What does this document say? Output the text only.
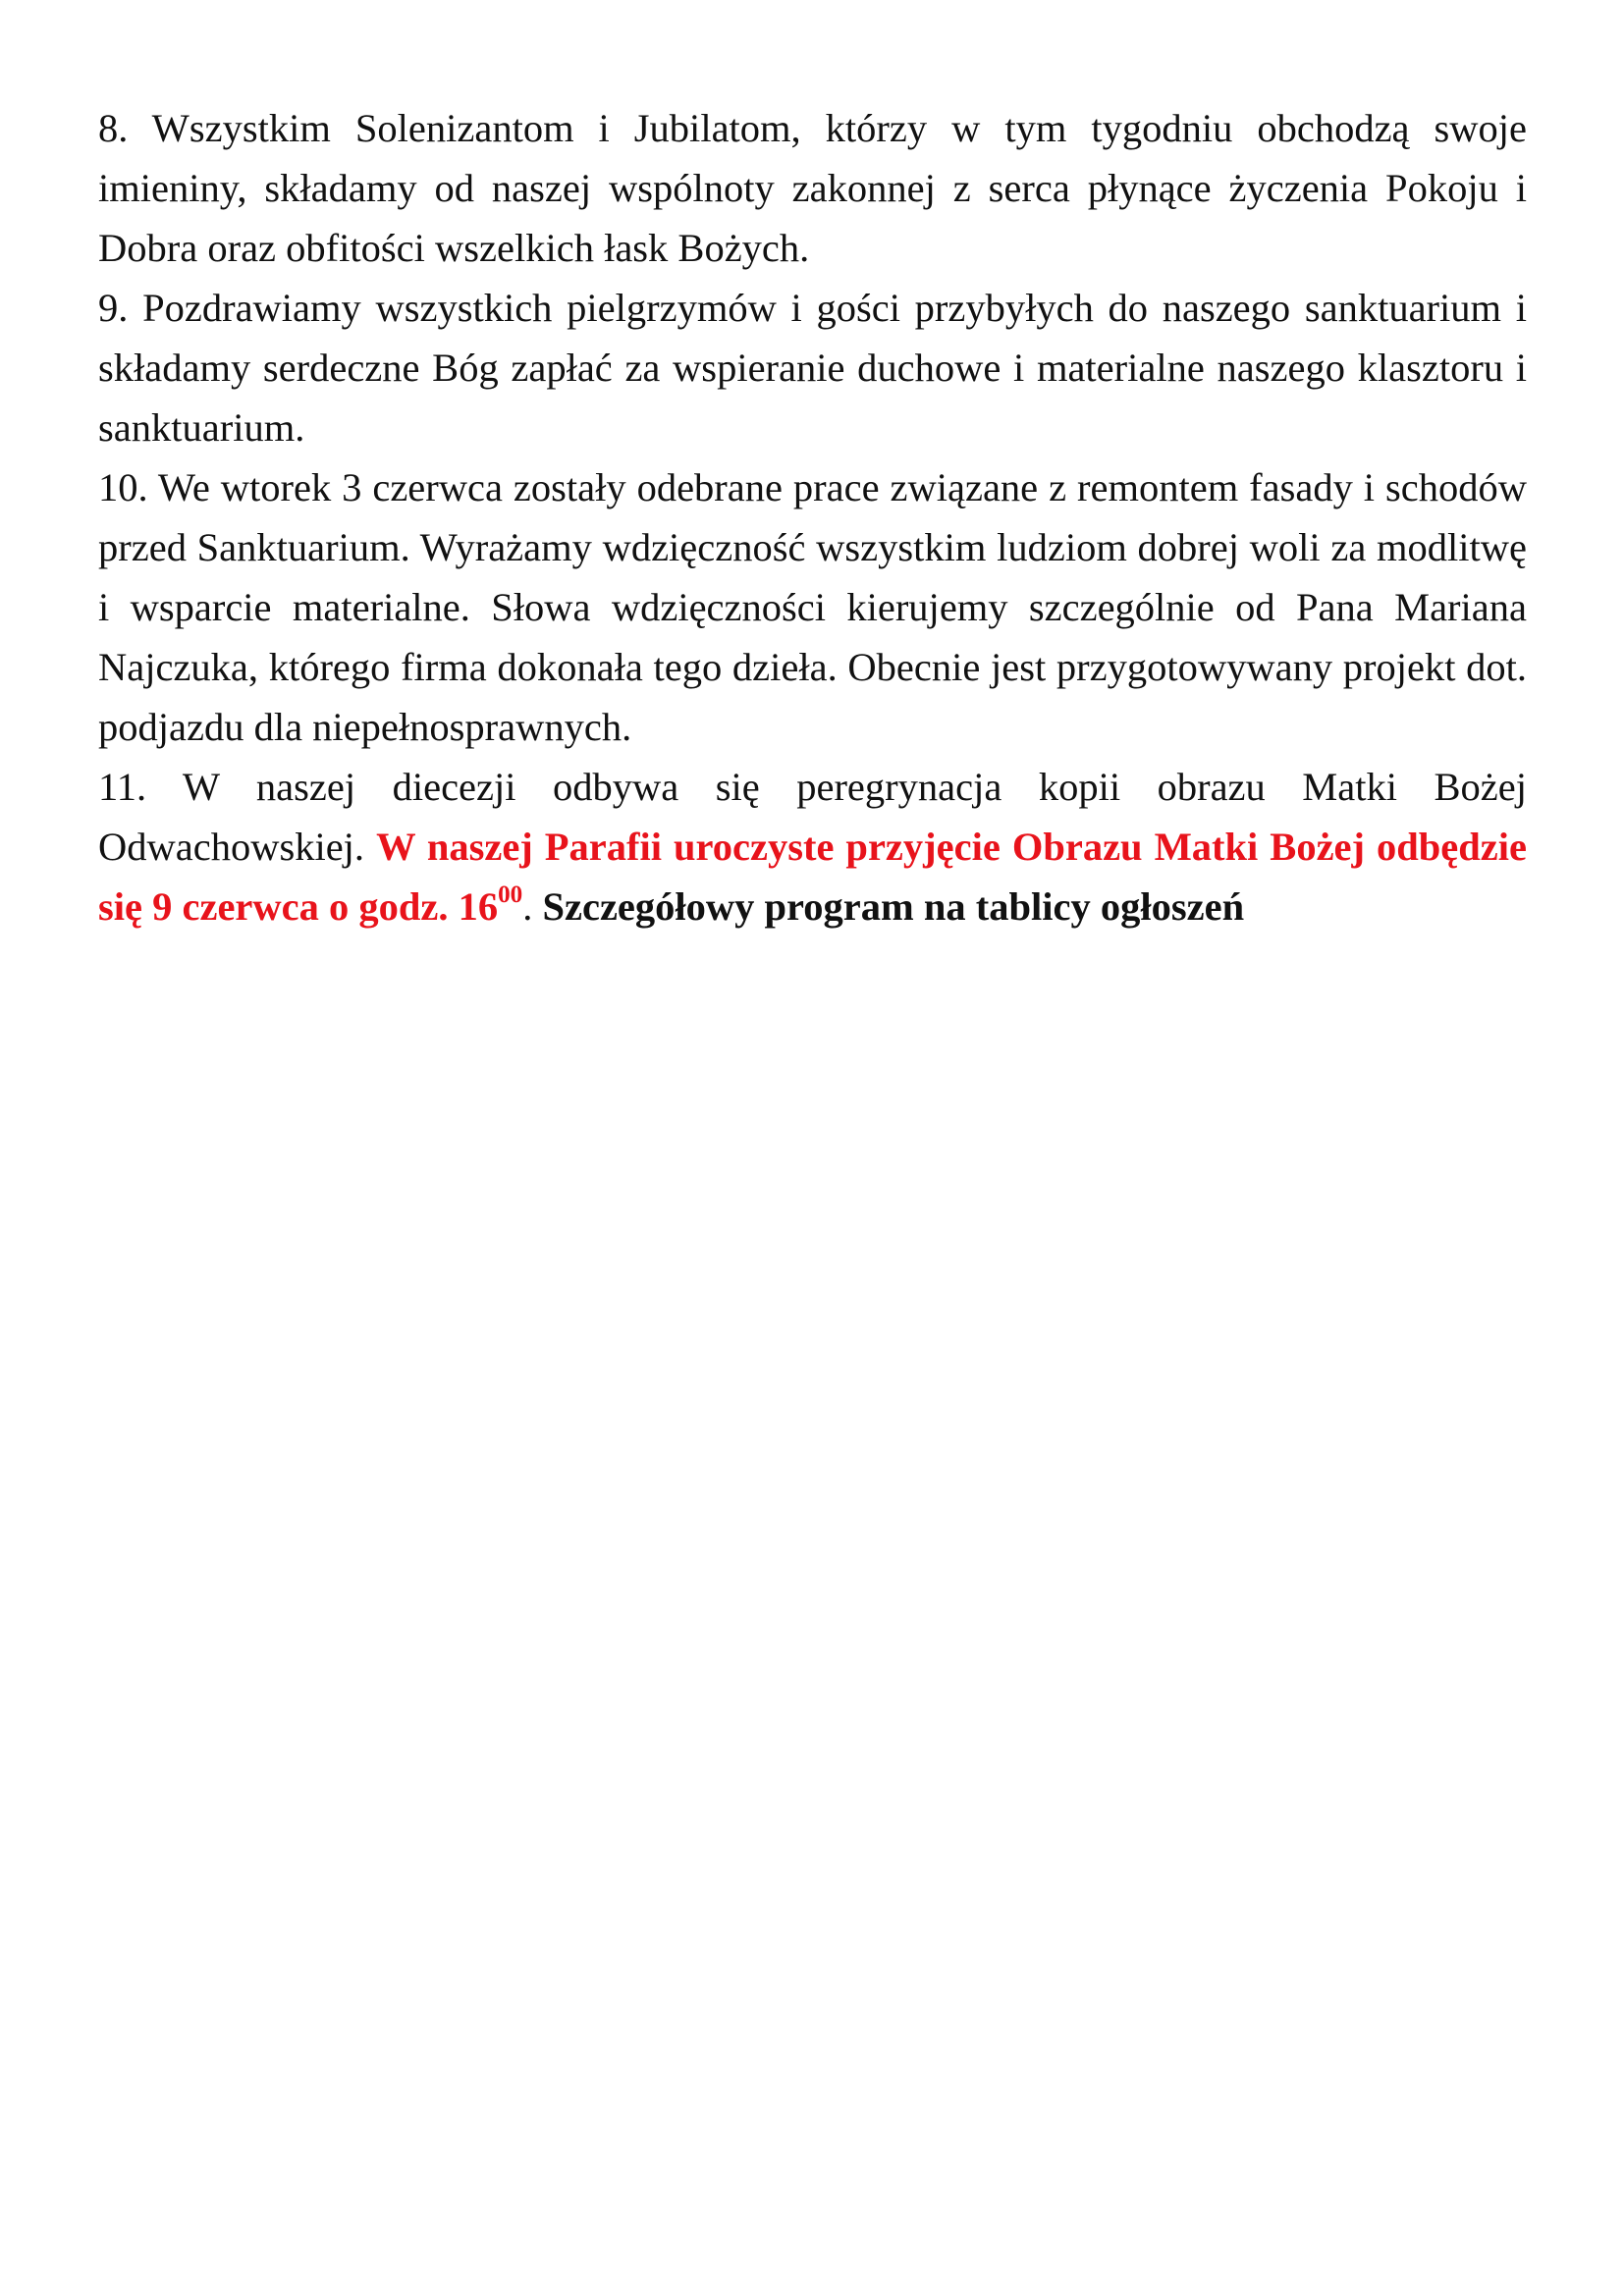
8. Wszystkim Solenizantom i Jubilatom, którzy w tym tygodniu obchodzą swoje imieniny, składamy od naszej wspólnoty zakonnej z serca płynące życzenia Pokoju i Dobra oraz obfitości wszelkich łask Bożych.

9. Pozdrawiamy wszystkich pielgrzymów i gości przybyłych do naszego sanktuarium i składamy serdeczne Bóg zapłać za wspieranie duchowe i materialne naszego klasztoru i sanktuarium.

10. We wtorek 3 czerwca zostały odebrane prace związane z remontem fasady i schodów przed Sanktuarium. Wyrażamy wdzięczność wszystkim ludziom dobrej woli za modlitwę i wsparcie materialne. Słowa wdzięczności kierujemy szczególnie od Pana Mariana Najczuka, którego firma dokonała tego dzieła. Obecnie jest przygotowywany projekt dot. podjazdu dla niepełnosprawnych.

11. W naszej diecezji odbywa się peregrynacja kopii obrazu Matki Bożej Odwachowskiej. W naszej Parafii uroczyste przyjęcie Obrazu Matki Bożej odbędzie się 9 czerwca o godz. $16^{00}$. Szczegółowy program na tablicy ogłoszeń
